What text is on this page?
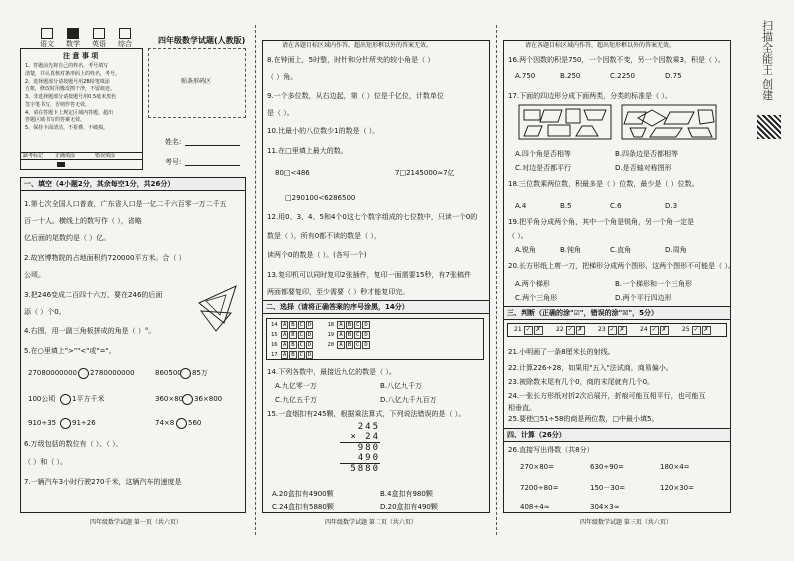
扫描全能王 创建
语文 数学 英语 综合	四年级数学试题(人教版)
注 意 事 项
1、答题前先将自己的姓名，考号填写
清楚，并认真核对条形码上的姓名，考号。
2、选择题部分请按题号用2B铅笔填涂
方框，修改时用橡皮擦干净，不留痕迹。
3、非选择题部分请按题号用0.5毫米黑色
签字笔书写，否则作答无效。
4、请在答题卡上规定区域内答题，超出
答题区域书写的答案无效。
5、保持卡面清洁，不折叠，不破损。
缺考标记 正确填涂	错误填涂
贴条形码区
姓名:
考号:
一、填空（4小题2分，其余每空1分，共26分）
1.第七次全国人口普查，广东省人口是一亿二千六百零一万二千五
百一十人。横线上的数写作（ ），省略
亿后面的尾数约是（ ）亿。
2.故宫博物院的占地面积约720000平方米。合（ ）
公顷。
3.把246变成二百四十六万，要在246的后面
添（ ）个0。
4.右图，用一副三角板拼成的角是（ ）°。
5.在○里填上">""<"或"="。
27080000000 2780000000	860500 85万
100公顷 1平方千米	360×80 36×800
910÷35 91÷26	74×8 560
6.万级包括的数位有（ ）、（ ）、
（ ）和（ ）。
7.一辆汽车3小时行驶270千米，这辆汽车的速度是
四年级数学试题 第一页（共六页）
请在各题目标区域内作答，超出矩形框以外的答案无效。
8.在钟面上，5时整，时针和分针所夹的较小角是（ ）
（ ）角。
9.一个多位数，从右边起，第（ ）位是千亿位，计数单位
是（ ）。
10.比最小的八位数少1的数是（ ）。
11.在□里填上最大的数。
80□<486	7□2145000≈7亿
□290100<6286500
12.用0、3、4、5和4个0这七个数字组成的七位数中，只读一个0的
数是（ ），所有0都不读的数是（ ），
读两个0的数是（ ）。(各写一个)
13.复印机可以同时复印2张插件，复印一面需要15秒，有7张稿件
两面都要复印，至少需要（ ）秒才能复印完。
二、选择（请将正确答案的序号涂黑，14分）
14 A B C D	18 A B C D
15 A B C D	19 A B C D
16 A B C D	20 A B C D
17 A B C D
14.下列各数中，最接近九亿的数是（ ）。
A.九亿零一万	B.八亿九千万
C.九亿五千万	D.八亿九千九百万
15.一盒烟扣有245颗，根据乘法算式，下列说法错误的是（ ）。
245
× 24
980
490
5880
A.20盒扣有4900颗	B.4盒扣有980颗
C.24盒扣有5880颗	D.20盒扣有490颗
四年级数学试题 第二页（共六页）
请在各题目标区域内作答，超出矩形框以外的答案无效。
16.两个因数的积是750，一个因数不变，另一个因数乘3，积是（ ）。
A.750	B.250	C.2250	D.75
17.下面的四边形分成下面两类，分类的标准是（ ）。
A.四个角是否相等	B.四条边是否都相等
C.对边是否都平行	D.是否轴对称图形
18.三位数乘两位数，积最多是（ ）位数，最少是（ ）位数。
A.4	B.5	C.6	D.3
19.把平角分成两个角，其中一个角是锐角，另一个角一定是
（ ）。
A.锐角	B.钝角	C.直角	D.周角
20.长方形纸上剪一刀，把梯形分成两个图形，这两个图形不可能是（ ）。
A.两个梯形	B.一个梯形和一个三角形
C.两个三角形	D.两个平行四边形
三、判断（正确的涂"☑"，错误的涂"☒"，5分）
21 ✓ ✗	22 ✓ ✗	23 ✓ ✗	24 ✓ ✗	25 ✓ ✗
21.小明画了一条8厘米长的射线。
22.计算226÷28，如果用"五入"法试商，商易偏小。
23.被除数末尾有几个0，商的末尾就有几个0。
24.一张长方形纸对折2次后展开，折痕可能互相平行，也可能互
相垂直。
25.要使□51÷58的商是两位数，□中最小填5。
四、计算（26分）
26.直接写出得数（共8分）
270×80=	630÷90=	180×4=
7200÷80=	150－30=	120×30=
408÷4≈	304×3≈
四年级数学试题 第三页（共六页）
